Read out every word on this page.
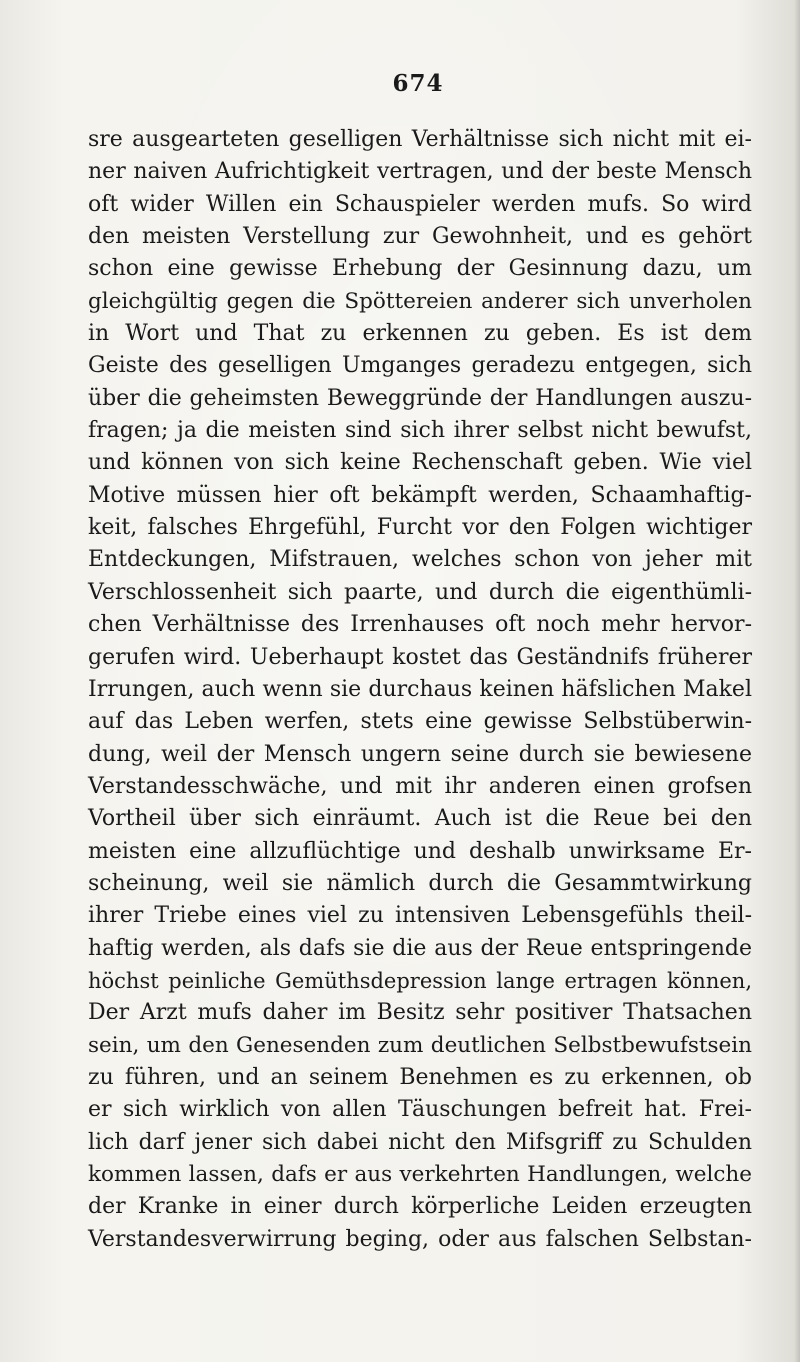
674
sre ausgearteten geselligen Verhältnisse sich nicht mit ei-
ner naiven Aufrichtigkeit vertragen, und der beste Mensch
oft wider Willen ein Schauspieler werden mufs. So wird
den meisten Verstellung zur Gewohnheit, und es gehört
schon eine gewisse Erhebung der Gesinnung dazu, um
gleichgültig gegen die Spöttereien anderer sich unverholen
in Wort und That zu erkennen zu geben. Es ist dem
Geiste des geselligen Umganges geradezu entgegen, sich
über die geheimsten Beweggründe der Handlungen auszu-
fragen; ja die meisten sind sich ihrer selbst nicht bewufst,
und können von sich keine Rechenschaft geben. Wie viel
Motive müssen hier oft bekämpft werden, Schaamhaftig-
keit, falsches Ehrgefühl, Furcht vor den Folgen wichtiger
Entdeckungen, Mifstrauen, welches schon von jeher mit
Verschlossenheit sich paarte, und durch die eigenthümli-
chen Verhältnisse des Irrenhauses oft noch mehr hervor-
gerufen wird. Ueberhaupt kostet das Geständnifs früherer
Irrungen, auch wenn sie durchaus keinen häfslichen Makel
auf das Leben werfen, stets eine gewisse Selbstüberwin-
dung, weil der Mensch ungern seine durch sie bewiesene
Verstandesschwäche, und mit ihr anderen einen grofsen
Vortheil über sich einräumt. Auch ist die Reue bei den
meisten eine allzuflüchtige und deshalb unwirksame Er-
scheinung, weil sie nämlich durch die Gesammtwirkung
ihrer Triebe eines viel zu intensiven Lebensgefühls theil-
haftig werden, als dafs sie die aus der Reue entspringende
höchst peinliche Gemüthsdepression lange ertragen können,
Der Arzt mufs daher im Besitz sehr positiver Thatsachen
sein, um den Genesenden zum deutlichen Selbstbewufstsein
zu führen, und an seinem Benehmen es zu erkennen, ob
er sich wirklich von allen Täuschungen befreit hat. Frei-
lich darf jener sich dabei nicht den Mifsgriff zu Schulden
kommen lassen, dafs er aus verkehrten Handlungen, welche
der Kranke in einer durch körperliche Leiden erzeugten
Verstandesverwirrung beging, oder aus falschen Selbstan-
